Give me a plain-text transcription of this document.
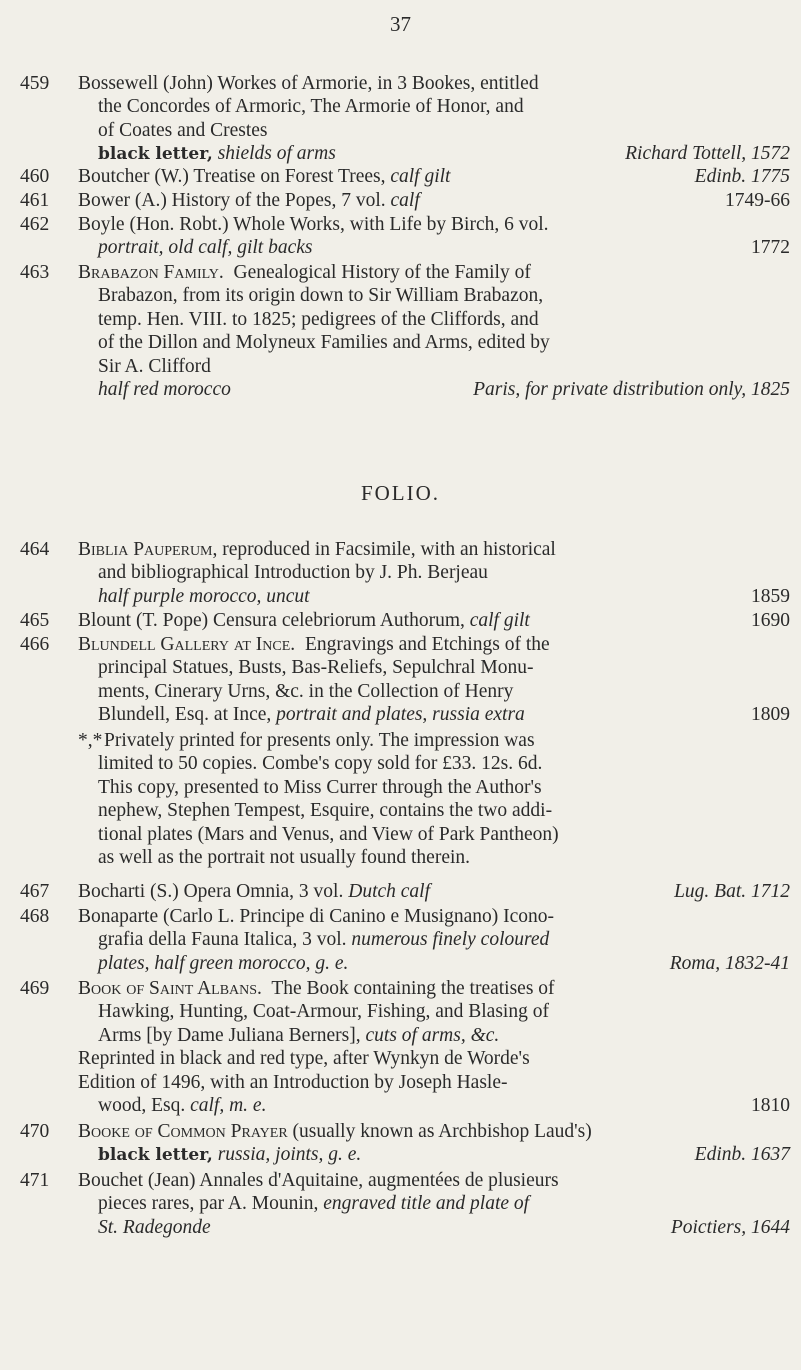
37
459	Bossewell (John) Workes of Armorie, in 3 Bookes, entitled
the Concordes of Armoric, The Armorie of Honor, and
of Coates and Crestes
black letter, shields of arms	Richard Tottell, 1572
460	Boutcher (W.) Treatise on Forest Trees, calf gilt	Edinb. 1775
461	Bower (A.) History of the Popes, 7 vol. calf	1749-66
462	Boyle (Hon. Robt.) Whole Works, with Life by Birch, 6 vol.
portrait, old calf, gilt backs	1772
463	Brabazon Family. Genealogical History of the Family of
Brabazon, from its origin down to Sir William Brabazon,
temp. Hen. VIII. to 1825; pedigrees of the Cliffords, and
of the Dillon and Molyneux Families and Arms, edited by
Sir A. Clifford
half red morocco	Paris, for private distribution only, 1825
FOLIO.
464	Biblia Pauperum, reproduced in Facsimile, with an historical
and bibliographical Introduction by J. Ph. Berjeau
half purple morocco, uncut	1859
465	Blount (T. Pope) Censura celebriorum Authorum, calf gilt	1690
466	Blundell Gallery at Ince. Engravings and Etchings of the
principal Statues, Busts, Bas-Reliefs, Sepulchral Monu-
ments, Cinerary Urns, &c. in the Collection of Henry
Blundell, Esq. at Ince, portrait and plates, russia extra	1809
*,* Privately printed for presents only. The impression was
limited to 50 copies. Combe's copy sold for £33. 12s. 6d.
This copy, presented to Miss Currer through the Author's
nephew, Stephen Tempest, Esquire, contains the two addi-
tional plates (Mars and Venus, and View of Park Pantheon)
as well as the portrait not usually found therein.
467	Bocharti (S.) Opera Omnia, 3 vol. Dutch calf	Lug. Bat. 1712
468	Bonaparte (Carlo L. Principe di Canino e Musignano) Icono-
grafia della Fauna Italica, 3 vol. numerous finely coloured
plates, half green morocco, g. e.	Roma, 1832-41
469	Book of Saint Albans. The Book containing the treatises of
Hawking, Hunting, Coat-Armour, Fishing, and Blasing of
Arms [by Dame Juliana Berners], cuts of arms, &c.
Reprinted in black and red type, after Wynkyn de Worde's
Edition of 1496, with an Introduction by Joseph Hasle-
wood, Esq. calf, m. e.	1810
470	Booke of Common Prayer (usually known as Archbishop Laud's)
black letter, russia, joints, g. e.	Edinb. 1637
471	Bouchet (Jean) Annales d'Aquitaine, augmentées de plusieurs
pieces rares, par A. Mounin, engraved title and plate of
St. Radegonde	Poictiers, 1644
